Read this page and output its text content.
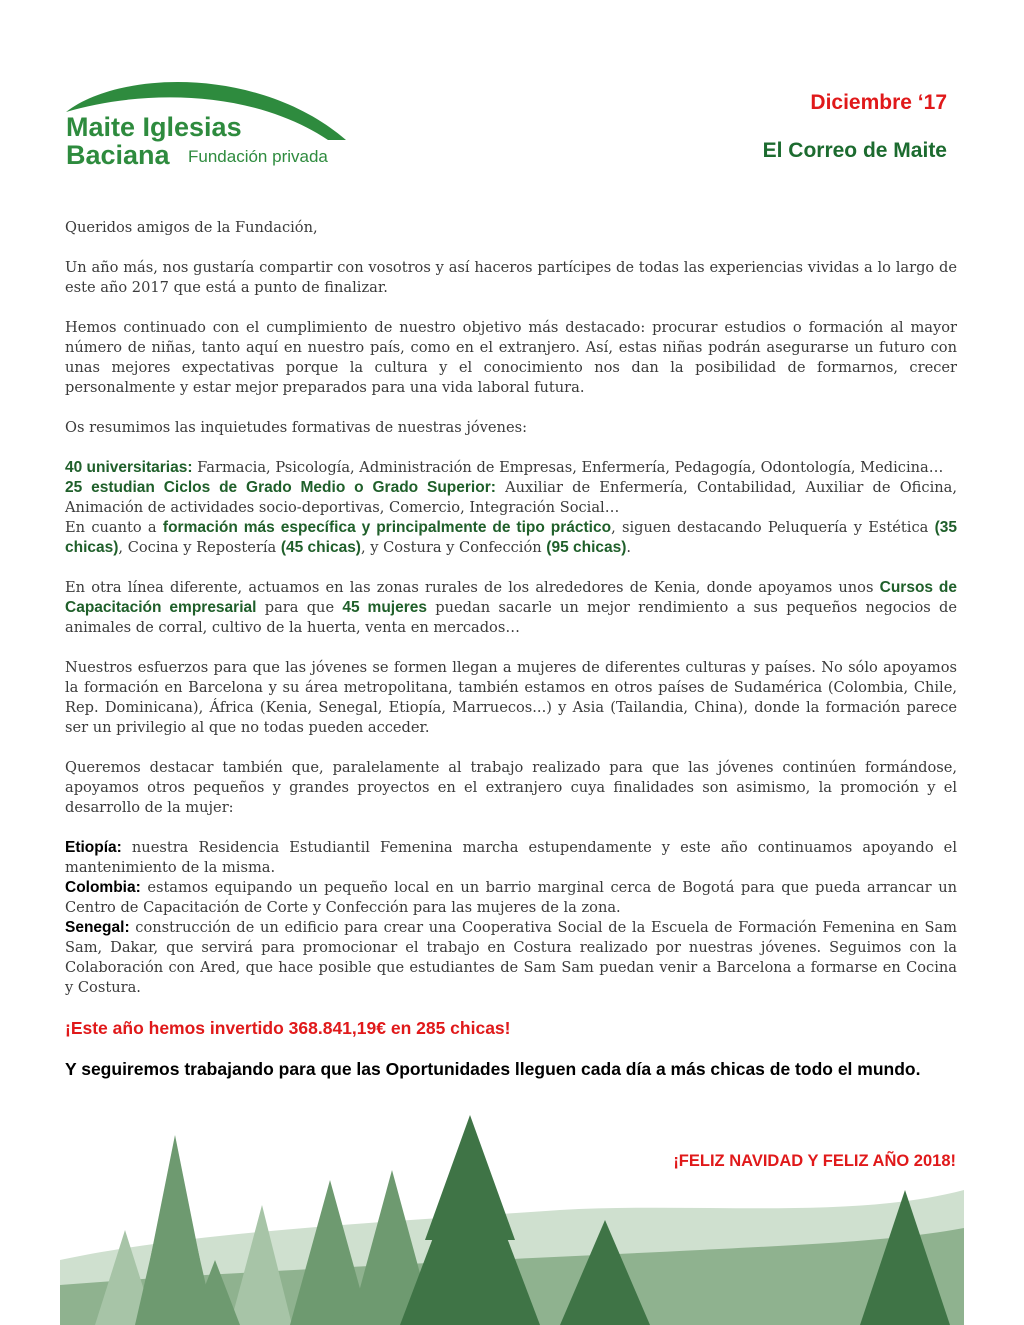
Maite Iglesias
Baciana Fundación privada
Diciembre ‘17
El Correo de Maite

Queridos amigos de la Fundación,

Un año más, nos gustaría compartir con vosotros y así haceros partícipes de todas las experiencias vividas a lo largo de este año 2017 que está a punto de finalizar.

Hemos continuado con el cumplimiento de nuestro objetivo más destacado: procurar estudios o formación al mayor número de niñas, tanto aquí en nuestro país, como en el extranjero. Así, estas niñas podrán asegurarse un futuro con unas mejores expectativas porque la cultura y el conocimiento nos dan la posibilidad de formarnos, crecer personalmente y estar mejor preparados para una vida laboral futura.

Os resumimos las inquietudes formativas de nuestras jóvenes:

40 universitarias: Farmacia, Psicología, Administración de Empresas, Enfermería, Pedagogía, Odontología, Medicina…

25 estudian Ciclos de Grado Medio o Grado Superior: Auxiliar de Enfermería, Contabilidad, Auxiliar de Oficina, Animación de actividades socio-deportivas, Comercio, Integración Social…

En cuanto a formación más específica y principalmente de tipo práctico, siguen destacando Peluquería y Estética (35 chicas), Cocina y Repostería (45 chicas), y Costura y Confección (95 chicas).

En otra línea diferente, actuamos en las zonas rurales de los alrededores de Kenia, donde apoyamos unos Cursos de Capacitación empresarial para que 45 mujeres puedan sacarle un mejor rendimiento a sus pequeños negocios de animales de corral, cultivo de la huerta, venta en mercados…

Nuestros esfuerzos para que las jóvenes se formen llegan a mujeres de diferentes culturas y países. No sólo apoyamos la formación en Barcelona y su área metropolitana, también estamos en otros países de Sudamérica (Colombia, Chile, Rep. Dominicana), África (Kenia, Senegal, Etiopía, Marruecos...) y Asia (Tailandia, China), donde la formación parece ser un privilegio al que no todas pueden acceder.

Queremos destacar también que, paralelamente al trabajo realizado para que las jóvenes continúen formándose, apoyamos otros pequeños y grandes proyectos en el extranjero cuya finalidades son asimismo, la promoción y el desarrollo de la mujer:

Etiopía: nuestra Residencia Estudiantil Femenina marcha estupendamente y este año continuamos apoyando el mantenimiento de la misma.

Colombia: estamos equipando un pequeño local en un barrio marginal cerca de Bogotá para que pueda arrancar un Centro de Capacitación de Corte y Confección para las mujeres de la zona.

Senegal: construcción de un edificio para crear una Cooperativa Social de la Escuela de Formación Femenina en Sam Sam, Dakar, que servirá para promocionar el trabajo en Costura realizado por nuestras jóvenes. Seguimos con la Colaboración con Ared, que hace posible que estudiantes de Sam Sam puedan venir a Barcelona a formarse en Cocina y Costura.

¡Este año hemos invertido 368.841,19€ en 285 chicas!

Y seguiremos trabajando para que las Oportunidades lleguen cada día a más chicas de todo el mundo.

¡FELIZ NAVIDAD Y FELIZ AÑO 2018!
